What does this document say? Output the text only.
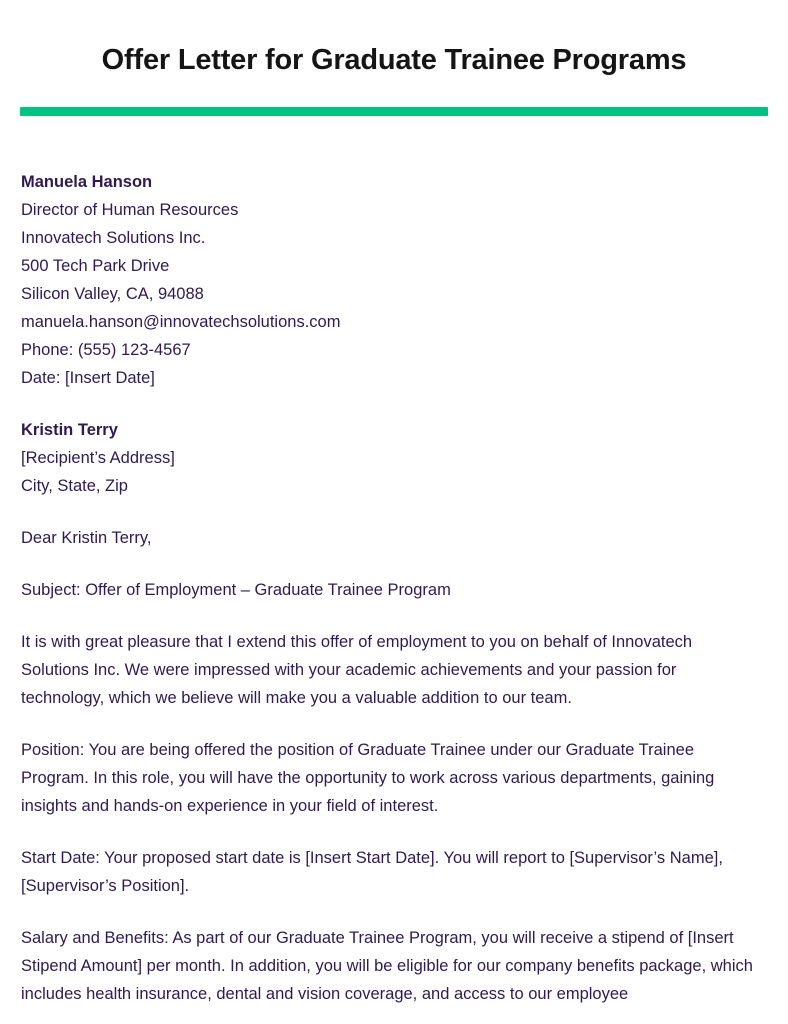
Offer Letter for Graduate Trainee Programs
Manuela Hanson
Director of Human Resources
Innovatech Solutions Inc.
500 Tech Park Drive
Silicon Valley, CA, 94088
manuela.hanson@innovatechsolutions.com
Phone: (555) 123-4567
Date: [Insert Date]
Kristin Terry
[Recipient’s Address]
City, State, Zip

Dear Kristin Terry,

Subject: Offer of Employment – Graduate Trainee Program

It is with great pleasure that I extend this offer of employment to you on behalf of Innovatech Solutions Inc. We were impressed with your academic achievements and your passion for technology, which we believe will make you a valuable addition to our team.

Position: You are being offered the position of Graduate Trainee under our Graduate Trainee Program. In this role, you will have the opportunity to work across various departments, gaining insights and hands-on experience in your field of interest.

Start Date: Your proposed start date is [Insert Start Date]. You will report to [Supervisor’s Name], [Supervisor’s Position].

Salary and Benefits: As part of our Graduate Trainee Program, you will receive a stipend of [Insert Stipend Amount] per month. In addition, you will be eligible for our company benefits package, which includes health insurance, dental and vision coverage, and access to our employee
